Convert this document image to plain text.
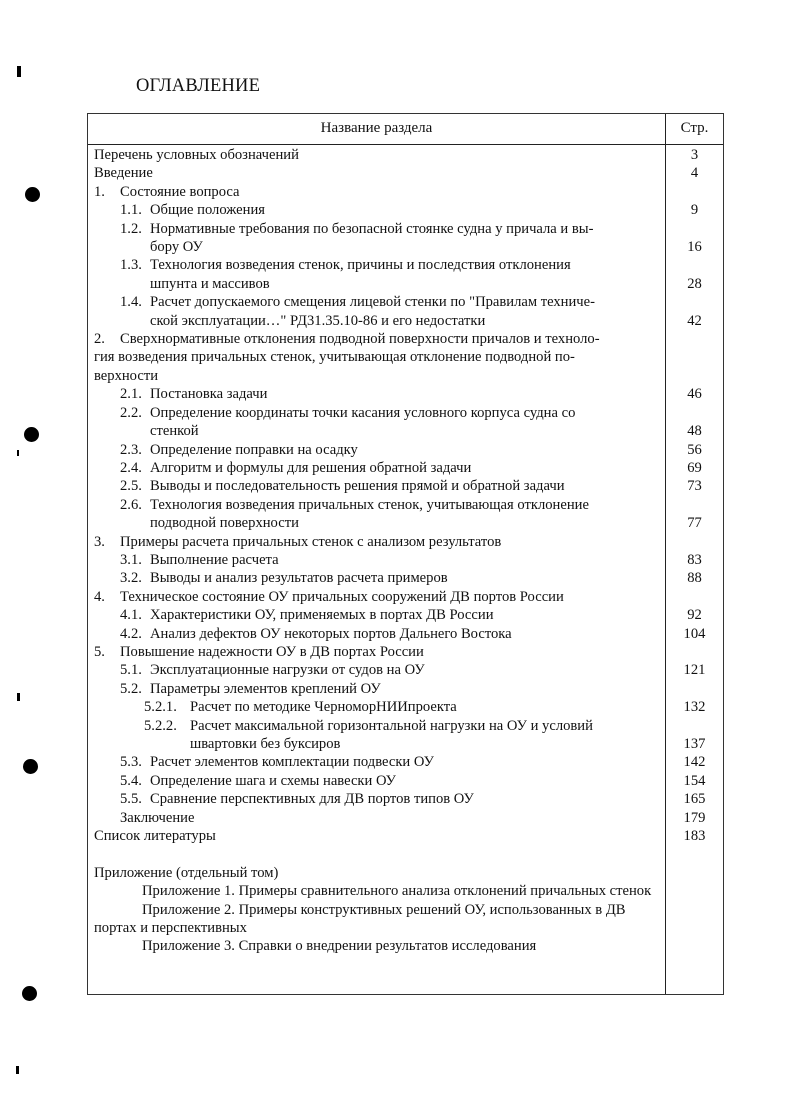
ОГЛАВЛЕНИЕ
Название раздела	Стр.
Перечень условных обозначений	3
Введение	4
1. Состояние вопроса
1.1. Общие положения	9
1.2. Нормативные требования по безопасной стоянке судна у причала и вы-
бору ОУ	16
1.3. Технология возведения стенок, причины и последствия отклонения
шпунта и массивов	28
1.4. Расчет допускаемого смещения лицевой стенки по "Правилам техниче-
ской эксплуатации…" РД31.35.10-86 и его недостатки	42
2. Сверхнормативные отклонения подводной поверхности причалов и техноло-
гия возведения причальных стенок, учитывающая отклонение подводной по-
верхности
2.1. Постановка задачи	46
2.2. Определение координаты точки касания условного корпуса судна со
стенкой	48
2.3. Определение поправки на осадку	56
2.4. Алгоритм и формулы для решения обратной задачи	69
2.5. Выводы и последовательность решения прямой и обратной задачи	73
2.6. Технология возведения причальных стенок, учитывающая отклонение
подводной поверхности	77
3. Примеры расчета причальных стенок с анализом результатов
3.1. Выполнение расчета	83
3.2. Выводы и анализ результатов расчета примеров	88
4. Техническое состояние ОУ причальных сооружений ДВ портов России
4.1. Характеристики ОУ, применяемых в портах ДВ России	92
4.2. Анализ дефектов ОУ некоторых портов Дальнего Востока	104
5. Повышение надежности ОУ в ДВ портах России
5.1. Эксплуатационные нагрузки от судов на ОУ	121
5.2. Параметры элементов креплений ОУ
5.2.1. Расчет по методике ЧерноморНИИпроекта	132
5.2.2. Расчет максимальной горизонтальной нагрузки на ОУ и условий
швартовки без буксиров	137
5.3. Расчет элементов комплектации подвески ОУ	142
5.4. Определение шага и схемы навески ОУ	154
5.5. Сравнение перспективных для ДВ портов типов ОУ	165
Заключение	179
Список литературы	183
Приложение (отдельный том)
Приложение 1. Примеры сравнительного анализа отклонений причальных стенок
Приложение 2. Примеры конструктивных решений ОУ, использованных в ДВ портах и перспективных
Приложение 3. Справки о внедрении результатов исследования
